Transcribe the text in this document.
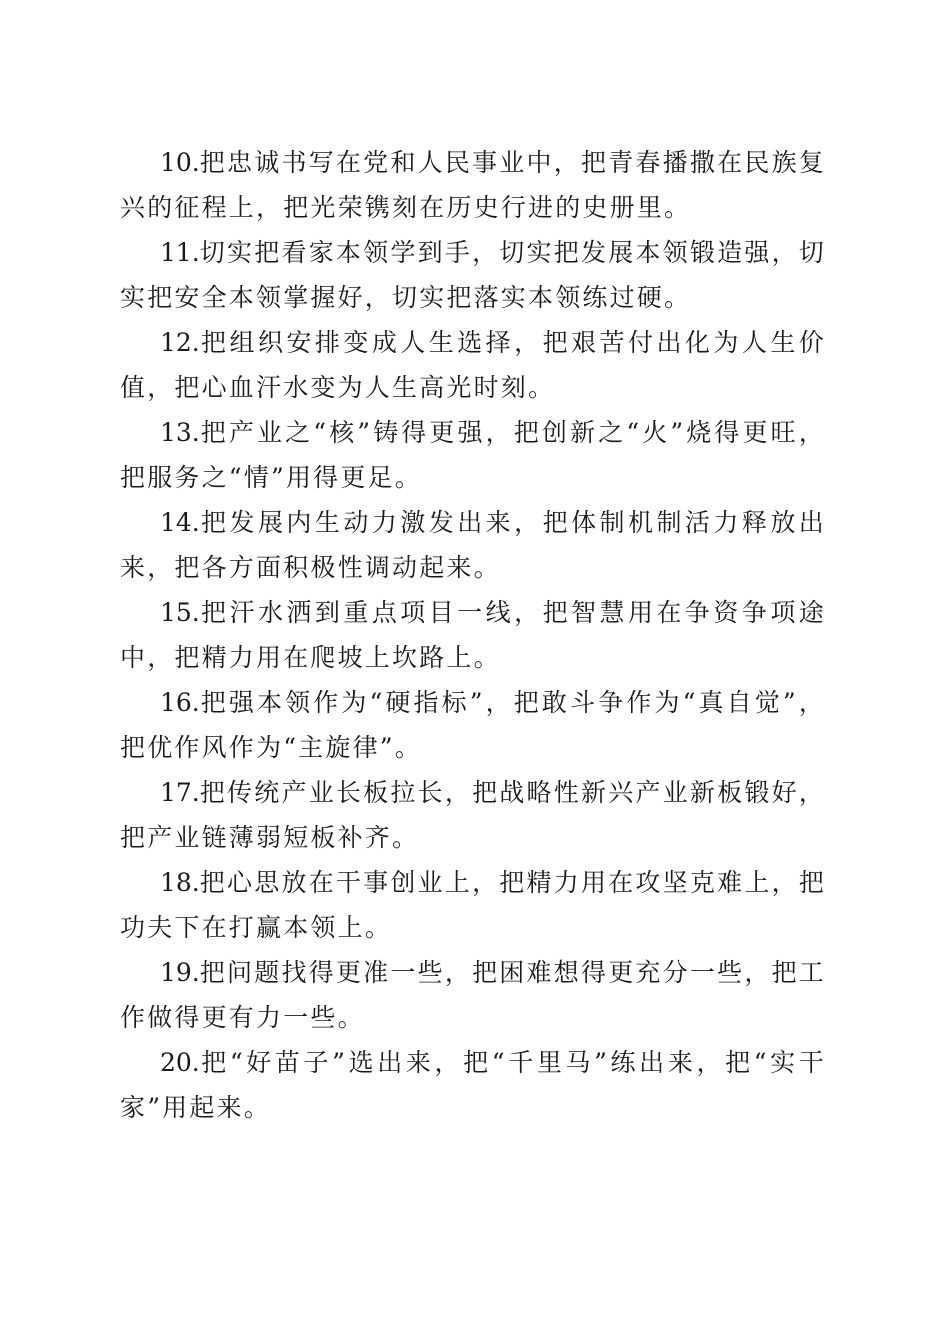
10.把忠诚书写在党和人民事业中，把青春播撒在民族复兴的征程上，把光荣镌刻在历史行进的史册里。

11.切实把看家本领学到手，切实把发展本领锻造强，切实把安全本领掌握好，切实把落实本领练过硬。

12.把组织安排变成人生选择，把艰苦付出化为人生价值，把心血汗水变为人生高光时刻。

13.把产业之“核”铸得更强，把创新之“火”烧得更旺，把服务之“情”用得更足。

14.把发展内生动力激发出来，把体制机制活力释放出来，把各方面积极性调动起来。

15.把汗水洒到重点项目一线，把智慧用在争资争项途中，把精力用在爬坡上坎路上。

16.把强本领作为“硬指标”，把敢斗争作为“真自觉”，把优作风作为“主旋律”。

17.把传统产业长板拉长，把战略性新兴产业新板锻好，把产业链薄弱短板补齐。

18.把心思放在干事创业上，把精力用在攻坚克难上，把功夫下在打赢本领上。

19.把问题找得更准一些，把困难想得更充分一些，把工作做得更有力一些。

20.把“好苗子”选出来，把“千里马”练出来，把“实干家”用起来。
